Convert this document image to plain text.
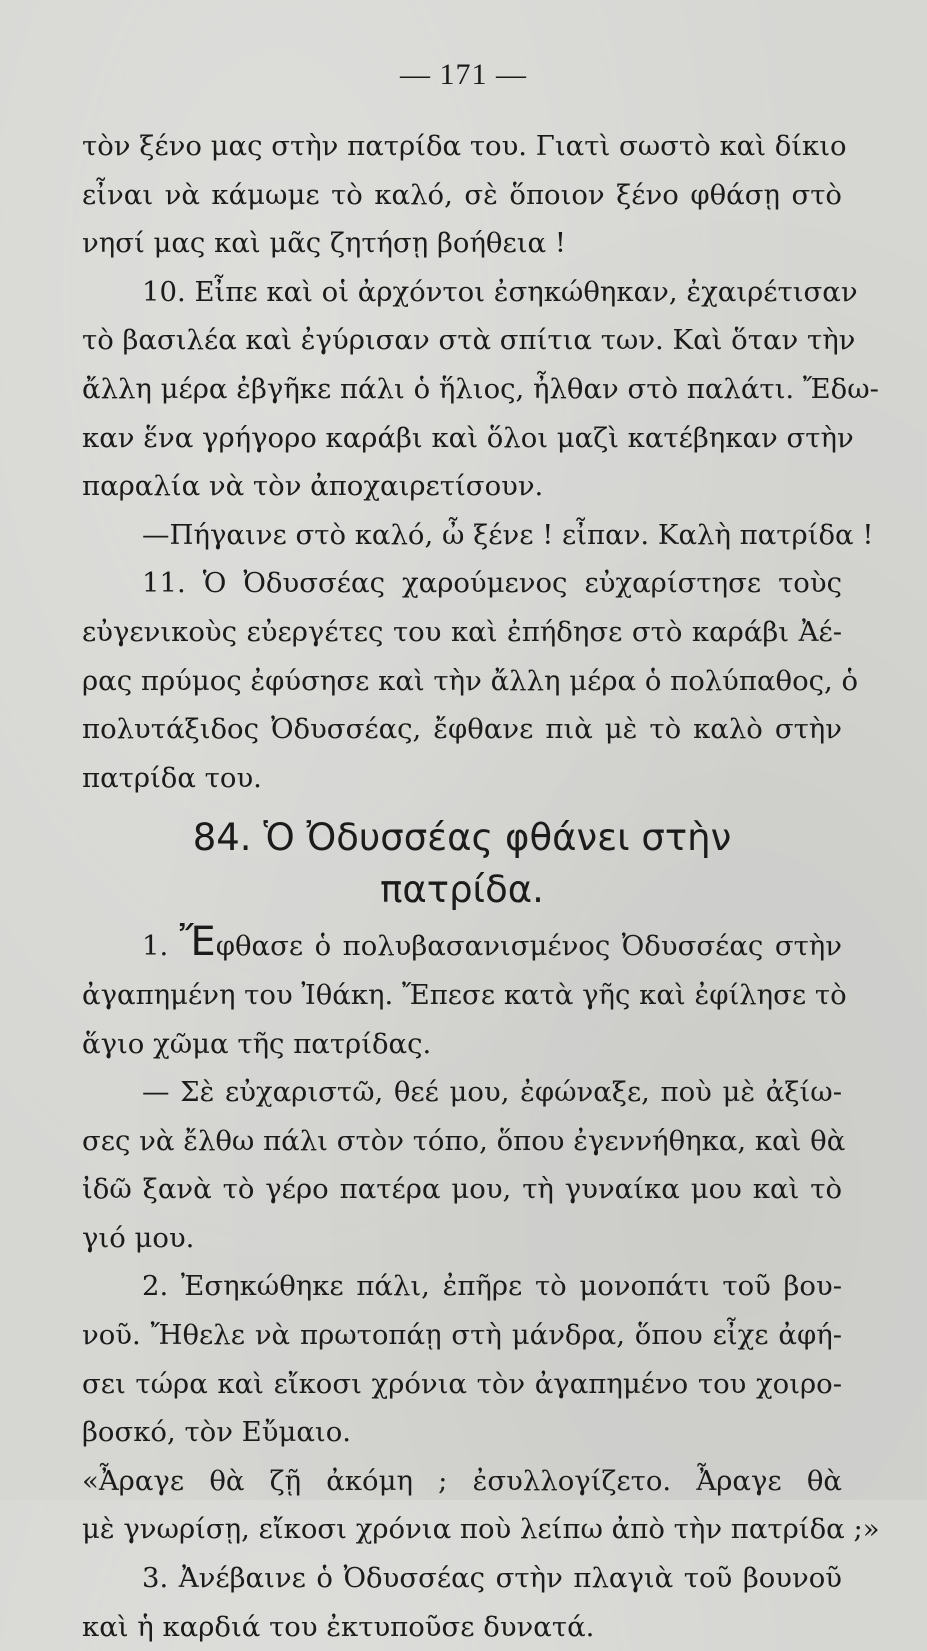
— 171 —
τὸν ξένο μας στὴν πατρίδα του. Γιατὶ σωστὸ καὶ δίκιο
εἶναι νὰ κάμωμε τὸ καλό, σὲ ὅποιον ξένο φθάσῃ στὸ
νησί μας καὶ μᾶς ζητήσῃ βοήθεια !
10. Εἶπε καὶ οἱ ἀρχόντοι ἐσηκώθηκαν, ἐχαιρέτισαν
τὸ βασιλέα καὶ ἐγύρισαν στὰ σπίτια των. Καὶ ὅταν τὴν
ἄλλη μέρα ἐβγῆκε πάλι ὁ ἥλιος, ἦλθαν στὸ παλάτι. Ἔδω-
καν ἕνα γρήγορο καράβι καὶ ὅλοι μαζὶ κατέβηκαν στὴν
παραλία νὰ τὸν ἀποχαιρετίσουν.
—Πήγαινε στὸ καλό, ὦ ξένε ! εἶπαν. Καλὴ πατρίδα !
11. Ὁ Ὀδυσσέας χαρούμενος εὐχαρίστησε τοὺς
εὐγενικοὺς εὐεργέτες του καὶ ἐπήδησε στὸ καράβι Ἀέ-
ρας πρύμος ἐφύσησε καὶ τὴν ἄλλη μέρα ὁ πολύπαθος, ὁ
πολυτάξιδος Ὀδυσσέας, ἔφθανε πιὰ μὲ τὸ καλὸ στὴν
πατρίδα του.
84. Ὁ Ὀδυσσέας φθάνει στὴν
πατρίδα.
1. Ἔφθασε ὁ πολυβασανισμένος Ὀδυσσέας στὴν
ἀγαπημένη του Ἰθάκη. Ἔπεσε κατὰ γῆς καὶ ἐφίλησε τὸ
ἅγιο χῶμα τῆς πατρίδας.
— Σὲ εὐχαριστῶ, θεέ μου, ἐφώναξε, ποὺ μὲ ἀξίω-
σες νὰ ἔλθω πάλι στὸν τόπο, ὅπου ἐγεννήθηκα, καὶ θὰ
ἰδῶ ξανὰ τὸ γέρο πατέρα μου, τὴ γυναίκα μου καὶ τὸ
γιό μου.
2. Ἐσηκώθηκε πάλι, ἐπῆρε τὸ μονοπάτι τοῦ βου-
νοῦ. Ἤθελε νὰ πρωτοπάῃ στὴ μάνδρα, ὅπου εἶχε ἀφή-
σει τώρα καὶ εἴκοσι χρόνια τὸν ἀγαπημένο του χοιρο-
βοσκό, τὸν Εὔμαιο.
«Ἆραγε θὰ ζῇ ἀκόμη ; ἐσυλλογίζετο. Ἆραγε θὰ
μὲ γνωρίσῃ, εἴκοσι χρόνια ποὺ λείπω ἀπὸ τὴν πατρίδα ;»
3. Ἀνέβαινε ὁ Ὀδυσσέας στὴν πλαγιὰ τοῦ βουνοῦ
καὶ ἡ καρδιά του ἐκτυποῦσε δυνατά.
